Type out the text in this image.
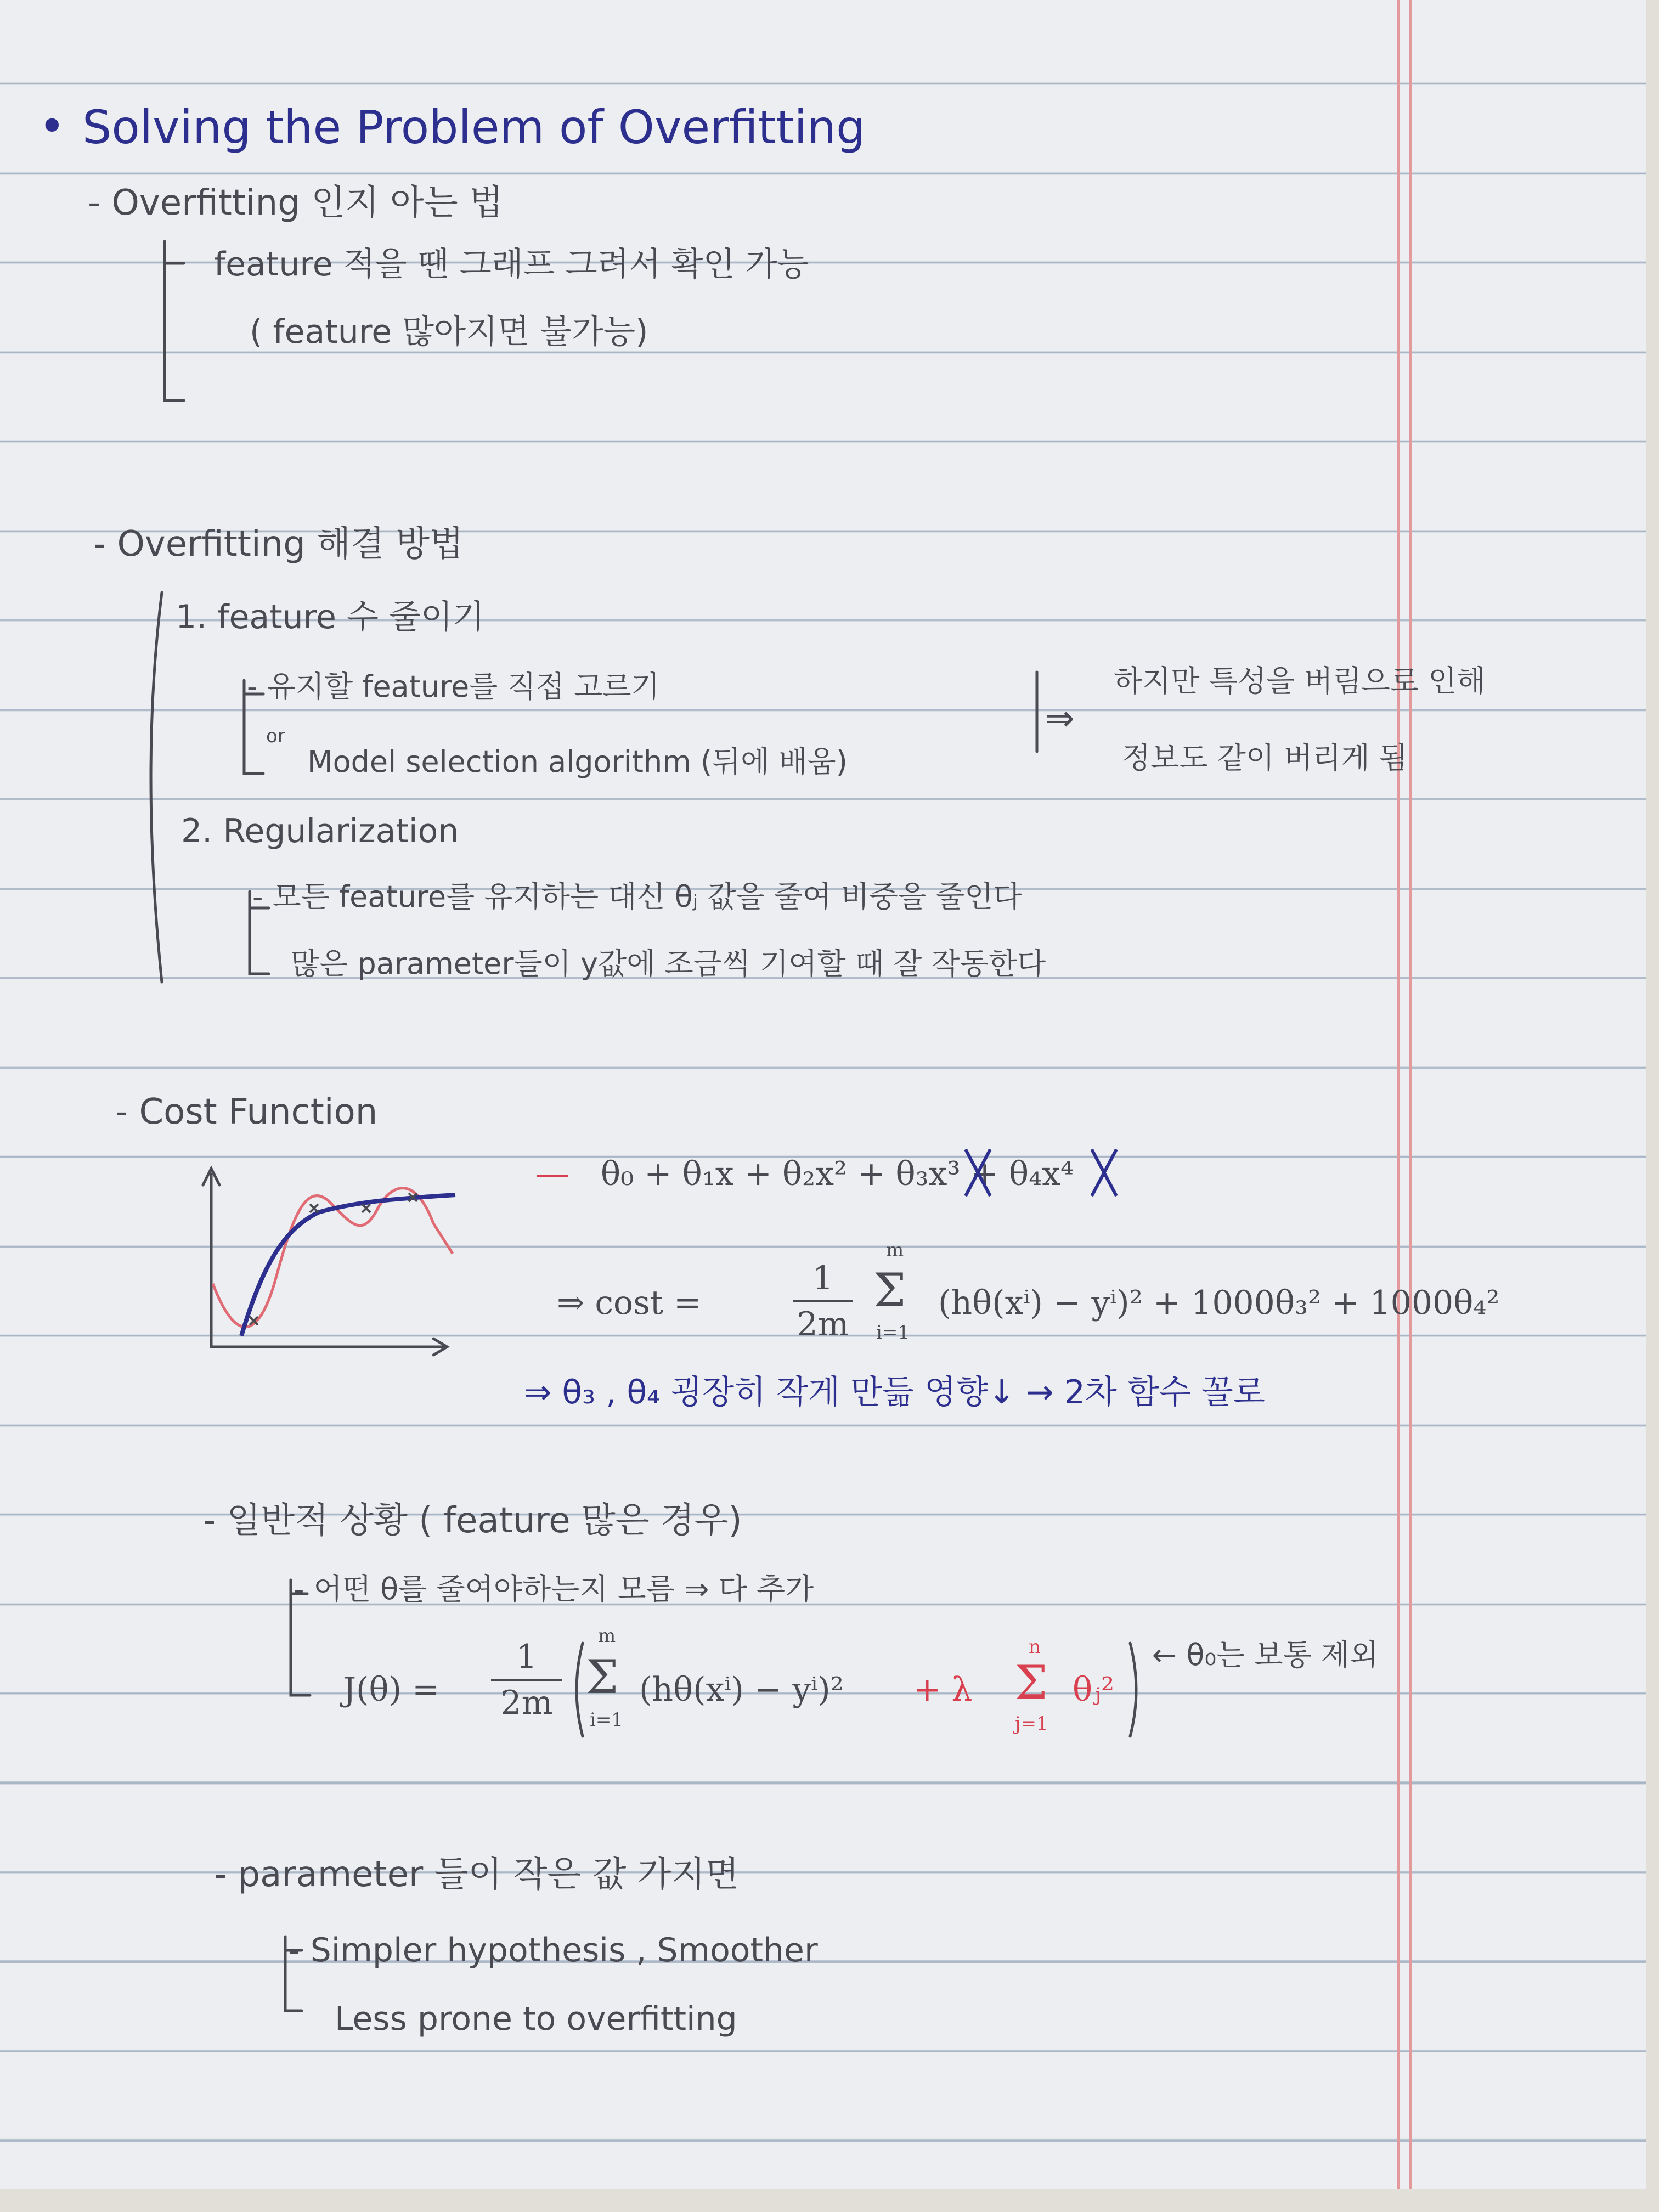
• Solving the Problem of Overfitting
- Overfitting 인지 아는 법
feature 적을 땐 그래프 그려서 확인 가능
( feature 많아지면 불가능)
- Overfitting 해결 방법
1. feature 수 줄이기
- 유지할 feature를 직접 고르기
or
Model selection algorithm (뒤에 배움)
⇒
하지만 특성을 버림으로 인해
정보도 같이 버리게 됨
2. Regularization
- 모든 feature를 유지하는 대신 θⱼ 값을 줄여 비중을 줄인다
많은 parameter들이 y값에 조금씩 기여할 때 잘 작동한다
- Cost Function
— θ₀ + θ₁x + θ₂x² + θ₃x³ + θ₄x⁴
⇒ cost =
1
2m
m
Σ
i=1
(hθ(xⁱ) − yⁱ)² + 1000θ₃² + 1000θ₄²
⇒ θ₃ , θ₄ 굉장히 작게 만듦 영향↓ → 2차 함수 꼴로
- 일반적 상황 ( feature 많은 경우)
- 어떤 θ를 줄여야하는지 모름 ⇒ 다 추가
J(θ) =
1
2m
m
Σ
i=1
(hθ(xⁱ) − yⁱ)² + λ
n
Σ
j=1
θⱼ²
← θ₀는 보통 제외
- parameter 들이 작은 값 가지면
- Simpler hypothesis , Smoother
Less prone to overfitting
